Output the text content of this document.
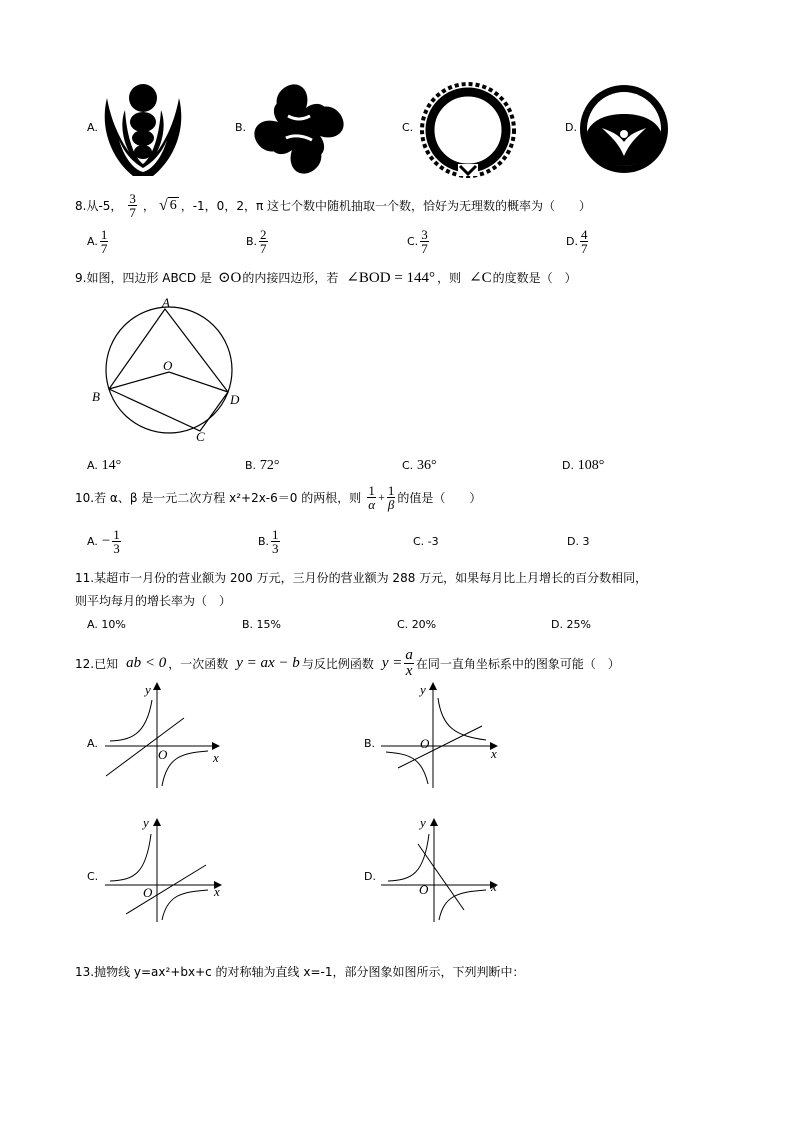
A.	B.	C.	D.
8. 从-5， $\frac{3}{7}$ ， √ 6 ，-1，0，2，π 这七个数中随机抽取一个数，恰好为无理数的概率为（　　）
A. $\frac{1}{7}$	B. $\frac{2}{7}$	C. $\frac{3}{7}$	D. $\frac{4}{7}$
9. 如图，四边形 ABCD 是 ⊙O 的内接四边形，若 ∠BOD = 144° ，则 ∠C 的度数是（　）
A
O
B	D
C
A. 14°	B. 72°	C. 36°	D. 108°
10. 若 α、β 是一元二次方程 x²+2x-6＝0 的两根，则 $\frac{1}{\alpha} + \frac{1}{\beta}$ 的值是（　　）
A. − $\frac{1}{3}$	B. $\frac{1}{3}$	C. -3	D. 3
11.某超市一月份的营业额为 200 万元，三月份的营业额为 288 万元，如果每月比上月增长的百分数相同，
则平均每月的增长率为（　）
A. 10%	B. 15%	C. 20%	D. 25%
12. 已知 ab < 0 ，一次函数 y = ax − b 与反比例函数 $y = \frac{a}{x}$ 在同一直角坐标系中的图象可能（　）
A.
y
x
O
B.
y
x
O
C.
y
x
O
D.
y
x
O
13.抛物线 y=ax²+bx+c 的对称轴为直线 x=-1，部分图象如图所示，下列判断中：
